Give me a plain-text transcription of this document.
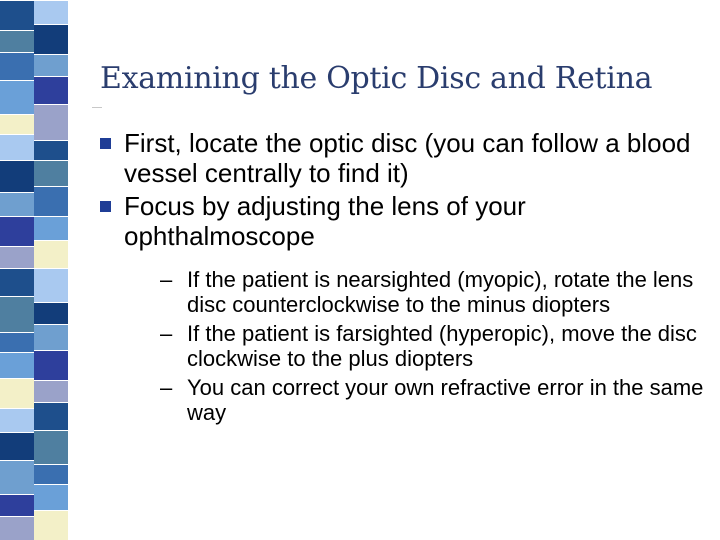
Examining the Optic Disc and Retina
First, locate the optic disc (you can follow a blood vessel centrally to find it)
Focus by adjusting the lens of your ophthalmoscope
– If the patient is nearsighted (myopic), rotate the lens disc counterclockwise to the minus diopters
– If the patient is farsighted (hyperopic), move the disc clockwise to the plus diopters
– You can correct your own refractive error in the same way
